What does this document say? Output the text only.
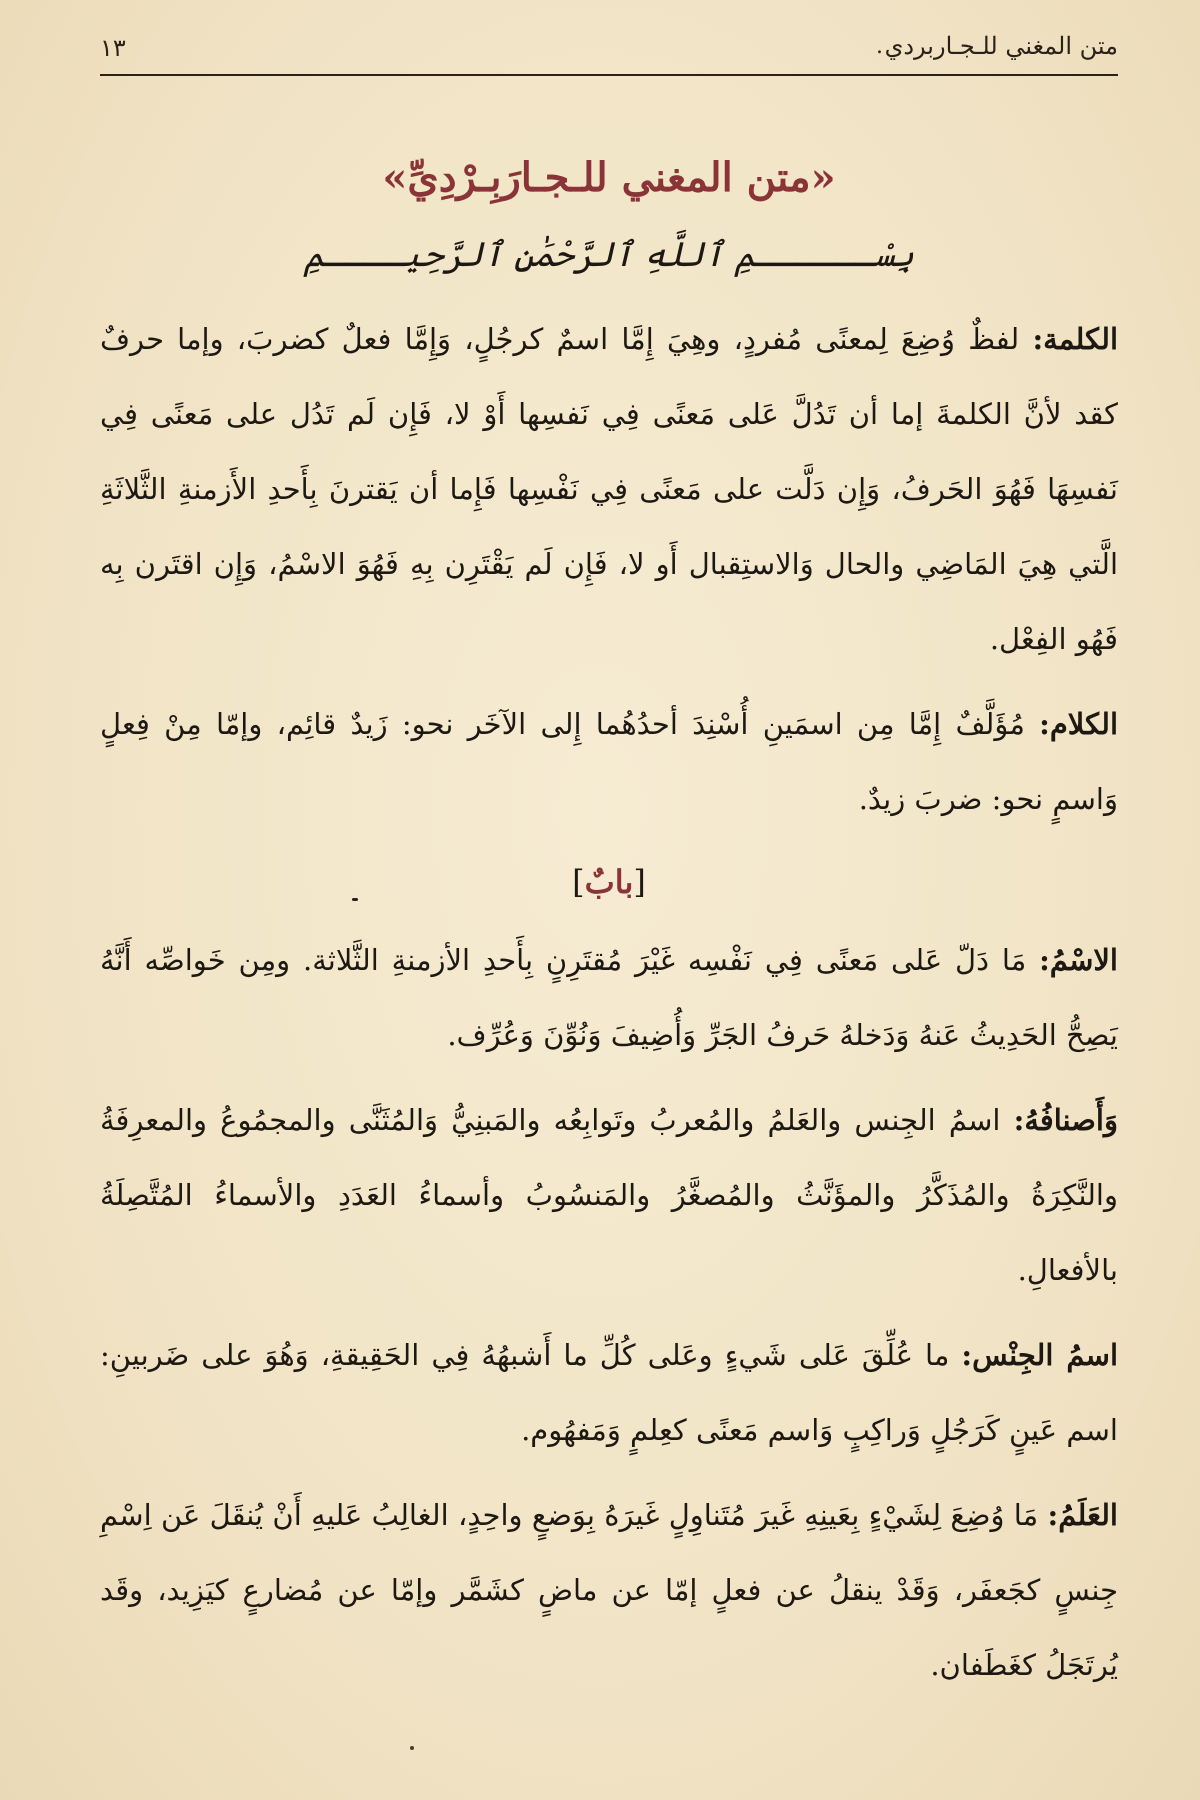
متن المغني للـجـاربردي
.
١٣
«متن المغني للـجـارَبِـرْدِيِّ»
بِسْــــــمِ ٱللَّهِ ٱلرَّحْمَٰنِ ٱلرَّحِيــــمِ

الكلمة: لفظٌ وُضِعَ لِمعنًى مُفردٍ، وهِيَ إِمَّا اسمٌ كرجُلٍ، وَإِمَّا فعلٌ كضربَ، وإما حرفٌ كقد لأنَّ الكلمةَ إما أن تَدُلَّ عَلى مَعنًى فِي نَفسِها أَوْ لا، فَإِن لَم تَدُل على مَعنًى فِي نَفسِهَا فَهُوَ الحَرفُ، وَإِن دَلَّت على مَعنًى فِي نَفْسِها فَإِما أن يَقترنَ بِأَحدِ الأَزمنةِ الثَّلاثَةِ الَّتي هِيَ المَاضِي والحال وَالاستِقبال أَو لا، فَإِن لَم يَقْتَرِن بِهِ فَهُوَ الاسْمُ، وَإِن اقتَرن بِه فَهُو الفِعْل.

الكلام: مُؤَلَّفٌ إِمَّا مِن اسمَينِ أُسْنِدَ أحدُهُما إِلى الآخَر نحو: زَيدٌ قائِم، وإمّا مِنْ فِعلٍ وَاسمٍ نحو: ضربَ زيدٌ.

[بابٌ]

الاسْمُ: مَا دَلّ عَلى مَعنًى فِي نَفْسِه غَيْرَ مُقتَرِنٍ بِأَحدِ الأزمنةِ الثَّلاثة. ومِن خَواصِّه أَنَّهُ يَصِحُّ الحَدِيثُ عَنهُ وَدَخلهُ حَرفُ الجَرِّ وَأُضِيفَ وَنُوِّنَ وَعُرِّف.

وَأَصنافُهُ: اسمُ الجِنس والعَلمُ والمُعربُ وتَوابِعُه والمَبنِيُّ وَالمُثَنَّى والمجمُوعُ والمعرِفَةُ والنَّكِرَةُ والمُذَكَّرُ والمؤَنَّثُ والمُصغَّرُ والمَنسُوبُ وأسماءُ العَدَدِ والأسماءُ المُتَّصِلَةُ بالأفعالِ.

اسمُ الجِنْس: ما عُلِّقَ عَلى شَيءٍ وعَلى كُلِّ ما أَشبهُهُ فِي الحَقِيقةِ، وَهُوَ على ضَربينِ: اسم عَينٍ كَرَجُلٍ وَراكِبٍ وَاسم مَعنًى كعِلمٍ وَمَفهُوم.

العَلَمُ: مَا وُضِعَ لِشَيْءٍ بِعَينِهِ غَيرَ مُتَناوِلٍ غَيرَهُ بِوَضعٍ واحِدٍ، الغالِبُ عَليهِ أَنْ يُنقَلَ عَن اِسْمِ جِنسٍ كجَعفَر، وَقَدْ ينقلُ عن فعلٍ إمّا عن ماضٍ كشَمَّر وإمّا عن مُضارعٍ كيَزِيد، وقَد يُرتَجَلُ كغَطَفان.
